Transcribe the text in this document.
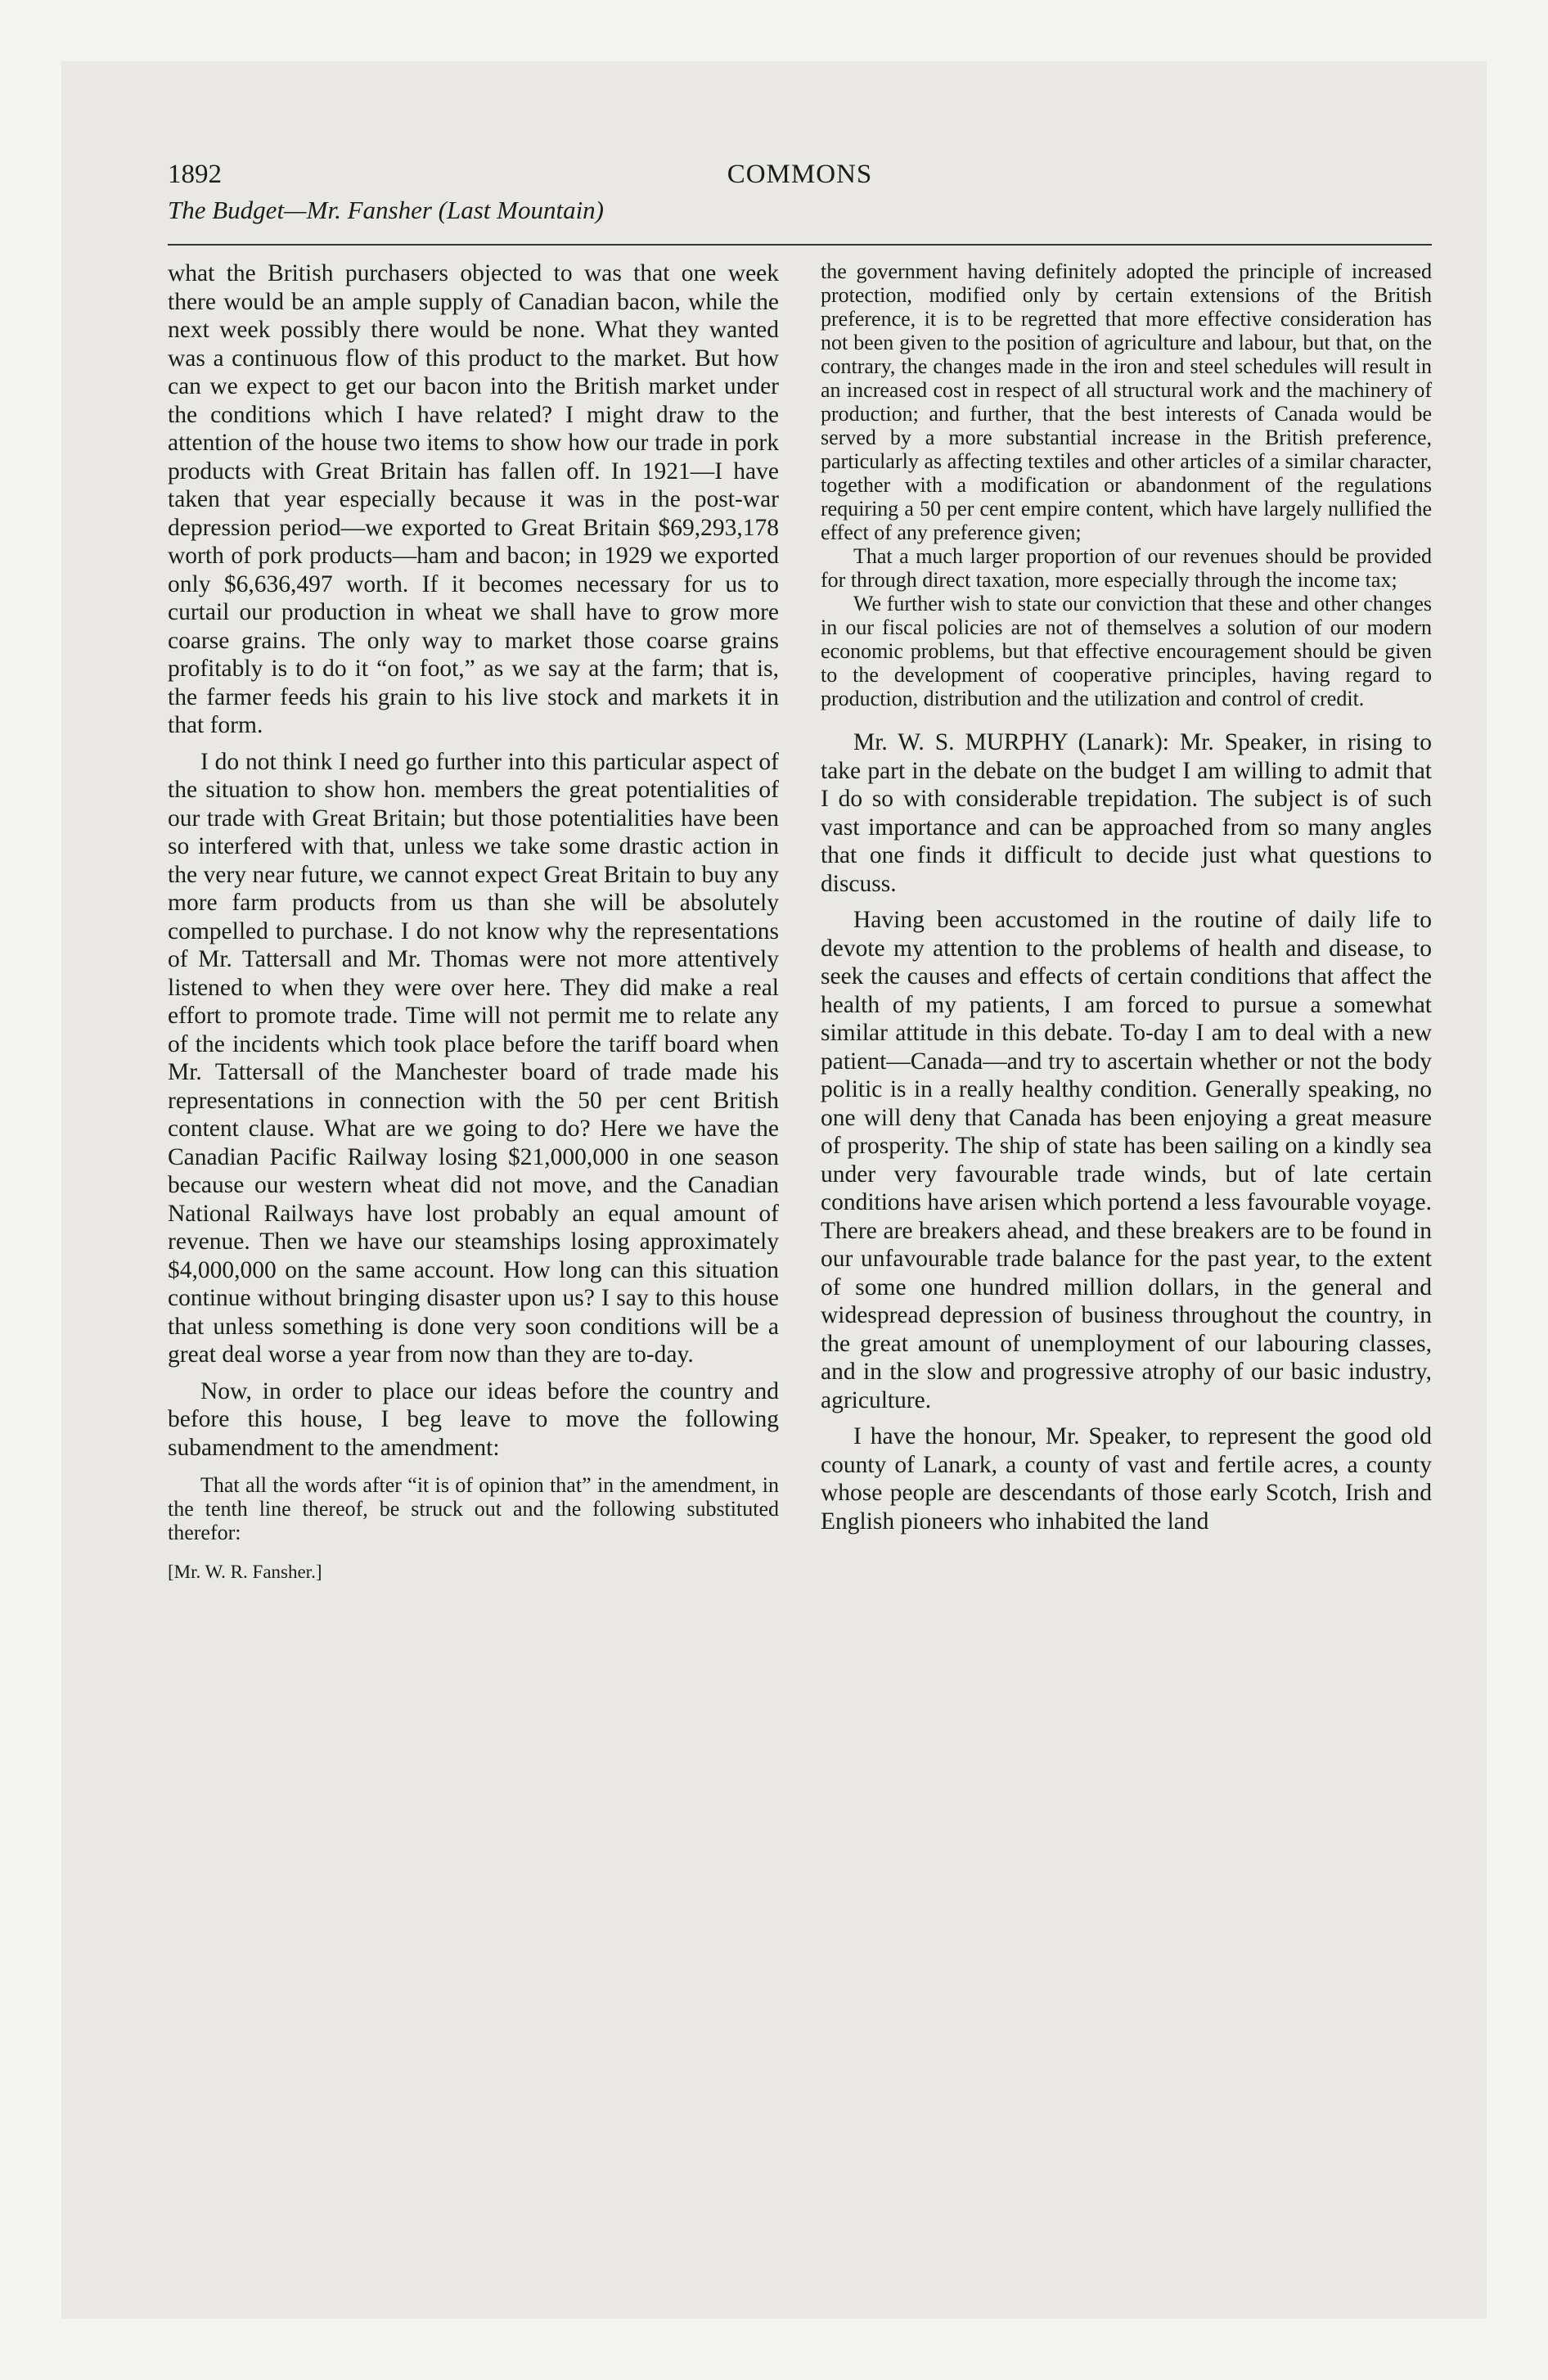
1892	COMMONS
The Budget—Mr. Fansher (Last Mountain)

what the British purchasers objected to was that one week there would be an ample supply of Canadian bacon, while the next week possibly there would be none. What they wanted was a continuous flow of this product to the market. But how can we expect to get our bacon into the British market under the conditions which I have related? I might draw to the attention of the house two items to show how our trade in pork products with Great Britain has fallen off. In 1921—I have taken that year especially because it was in the post-war depression period—we exported to Great Britain $69,293,178 worth of pork products—ham and bacon; in 1929 we exported only $6,636,497 worth. If it becomes necessary for us to curtail our production in wheat we shall have to grow more coarse grains. The only way to market those coarse grains profitably is to do it “on foot,” as we say at the farm; that is, the farmer feeds his grain to his live stock and markets it in that form.

I do not think I need go further into this particular aspect of the situation to show hon. members the great potentialities of our trade with Great Britain; but those potentialities have been so interfered with that, unless we take some drastic action in the very near future, we cannot expect Great Britain to buy any more farm products from us than she will be absolutely compelled to purchase. I do not know why the representations of Mr. Tattersall and Mr. Thomas were not more attentively listened to when they were over here. They did make a real effort to promote trade. Time will not permit me to relate any of the incidents which took place before the tariff board when Mr. Tattersall of the Manchester board of trade made his representations in connection with the 50 per cent British content clause. What are we going to do? Here we have the Canadian Pacific Railway losing $21,000,000 in one season because our western wheat did not move, and the Canadian National Railways have lost probably an equal amount of revenue. Then we have our steamships losing approximately $4,000,000 on the same account. How long can this situation continue without bringing disaster upon us? I say to this house that unless something is done very soon conditions will be a great deal worse a year from now than they are to-day.

Now, in order to place our ideas before the country and before this house, I beg leave to move the following subamendment to the amendment:

That all the words after “it is of opinion that” in the amendment, in the tenth line thereof, be struck out and the following substituted therefor:

[Mr. W. R. Fansher.]

the government having definitely adopted the principle of increased protection, modified only by certain extensions of the British preference, it is to be regretted that more effective consideration has not been given to the position of agriculture and labour, but that, on the contrary, the changes made in the iron and steel schedules will result in an increased cost in respect of all structural work and the machinery of production; and further, that the best interests of Canada would be served by a more substantial increase in the British preference, particularly as affecting textiles and other articles of a similar character, together with a modification or abandonment of the regulations requiring a 50 per cent empire content, which have largely nullified the effect of any preference given;

That a much larger proportion of our revenues should be provided for through direct taxation, more especially through the income tax;

We further wish to state our conviction that these and other changes in our fiscal policies are not of themselves a solution of our modern economic problems, but that effective encouragement should be given to the development of cooperative principles, having regard to production, distribution and the utilization and control of credit.

Mr. W. S. MURPHY (Lanark): Mr. Speaker, in rising to take part in the debate on the budget I am willing to admit that I do so with considerable trepidation. The subject is of such vast importance and can be approached from so many angles that one finds it difficult to decide just what questions to discuss.

Having been accustomed in the routine of daily life to devote my attention to the problems of health and disease, to seek the causes and effects of certain conditions that affect the health of my patients, I am forced to pursue a somewhat similar attitude in this debate. To-day I am to deal with a new patient—Canada—and try to ascertain whether or not the body politic is in a really healthy condition. Generally speaking, no one will deny that Canada has been enjoying a great measure of prosperity. The ship of state has been sailing on a kindly sea under very favourable trade winds, but of late certain conditions have arisen which portend a less favourable voyage. There are breakers ahead, and these breakers are to be found in our unfavourable trade balance for the past year, to the extent of some one hundred million dollars, in the general and widespread depression of business throughout the country, in the great amount of unemployment of our labouring classes, and in the slow and progressive atrophy of our basic industry, agriculture.

I have the honour, Mr. Speaker, to represent the good old county of Lanark, a county of vast and fertile acres, a county whose people are descendants of those early Scotch, Irish and English pioneers who inhabited the land
